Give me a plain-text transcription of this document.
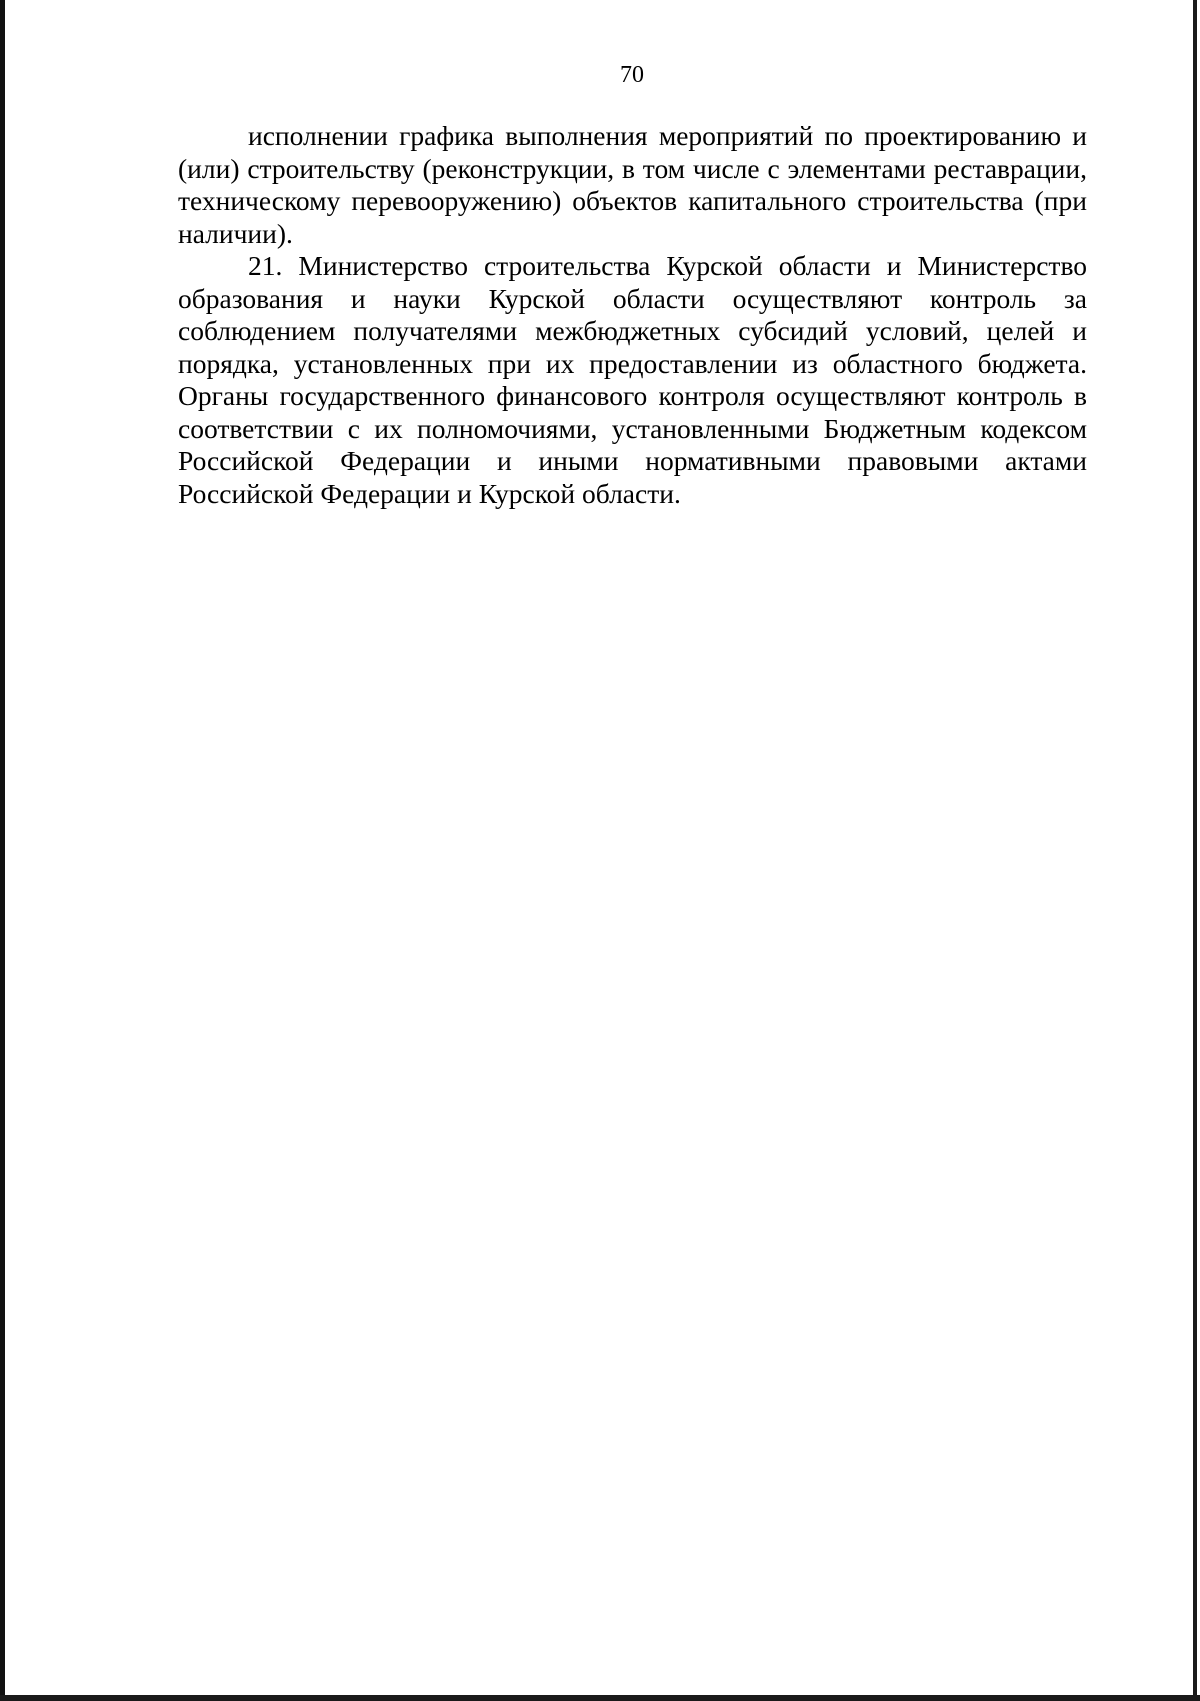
70

исполнении графика выполнения мероприятий по проектированию и (или) строительству (реконструкции, в том числе с элементами реставрации, техническому перевооружению) объектов капитального строительства (при наличии).

21. Министерство строительства Курской области и Министерство образования и науки Курской области осуществляют контроль за соблюдением получателями межбюджетных субсидий условий, целей и порядка, установленных при их предоставлении из областного бюджета. Органы государственного финансового контроля осуществляют контроль в соответствии с их полномочиями, установленными Бюджетным кодексом Российской Федерации и иными нормативными правовыми актами Российской Федерации и Курской области.
